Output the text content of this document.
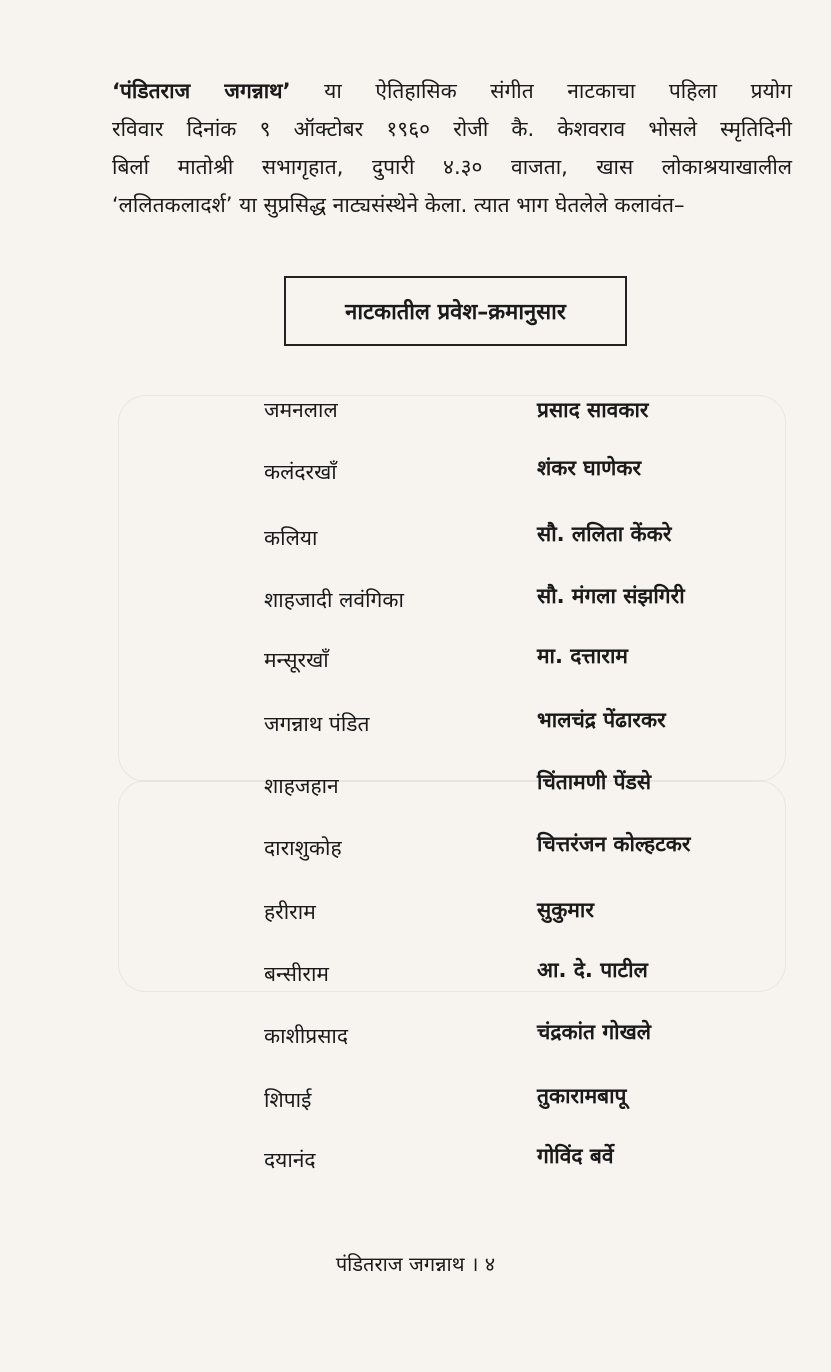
‘पंडितराज जगन्नाथ’ या ऐतिहासिक संगीत नाटकाचा पहिला प्रयोग
रविवार दिनांक ९ ऑक्टोबर १९६० रोजी कै. केशवराव भोसले स्मृतिदिनी
बिर्ला मातोश्री सभागृहात, दुपारी ४.३० वाजता, खास लोकाश्रयाखालील
‘ललितकलादर्श’ या सुप्रसिद्ध नाट्यसंस्थेने केला. त्यात भाग घेतलेले कलावंत–
नाटकातील प्रवेश–क्रमानुसार
जमनलाल	प्रसाद सावकार
कलंदरखाँ	शंकर घाणेकर
कलिया	सौ. ललिता केंकरे
शाहजादी लवंगिका	सौ. मंगला संझगिरी
मन्सूरखाँ	मा. दत्ताराम
जगन्नाथ पंडित	भालचंद्र पेंढारकर
शाहजहान	चिंतामणी पेंडसे
दाराशुकोह	चित्तरंजन कोल्हटकर
हरीराम	सुकुमार
बन्सीराम	आ. दे. पाटील
काशीप्रसाद	चंद्रकांत गोखले
शिपाई	तुकारामबापू
दयानंद	गोविंद बर्वे
पंडितराज जगन्नाथ । ४
